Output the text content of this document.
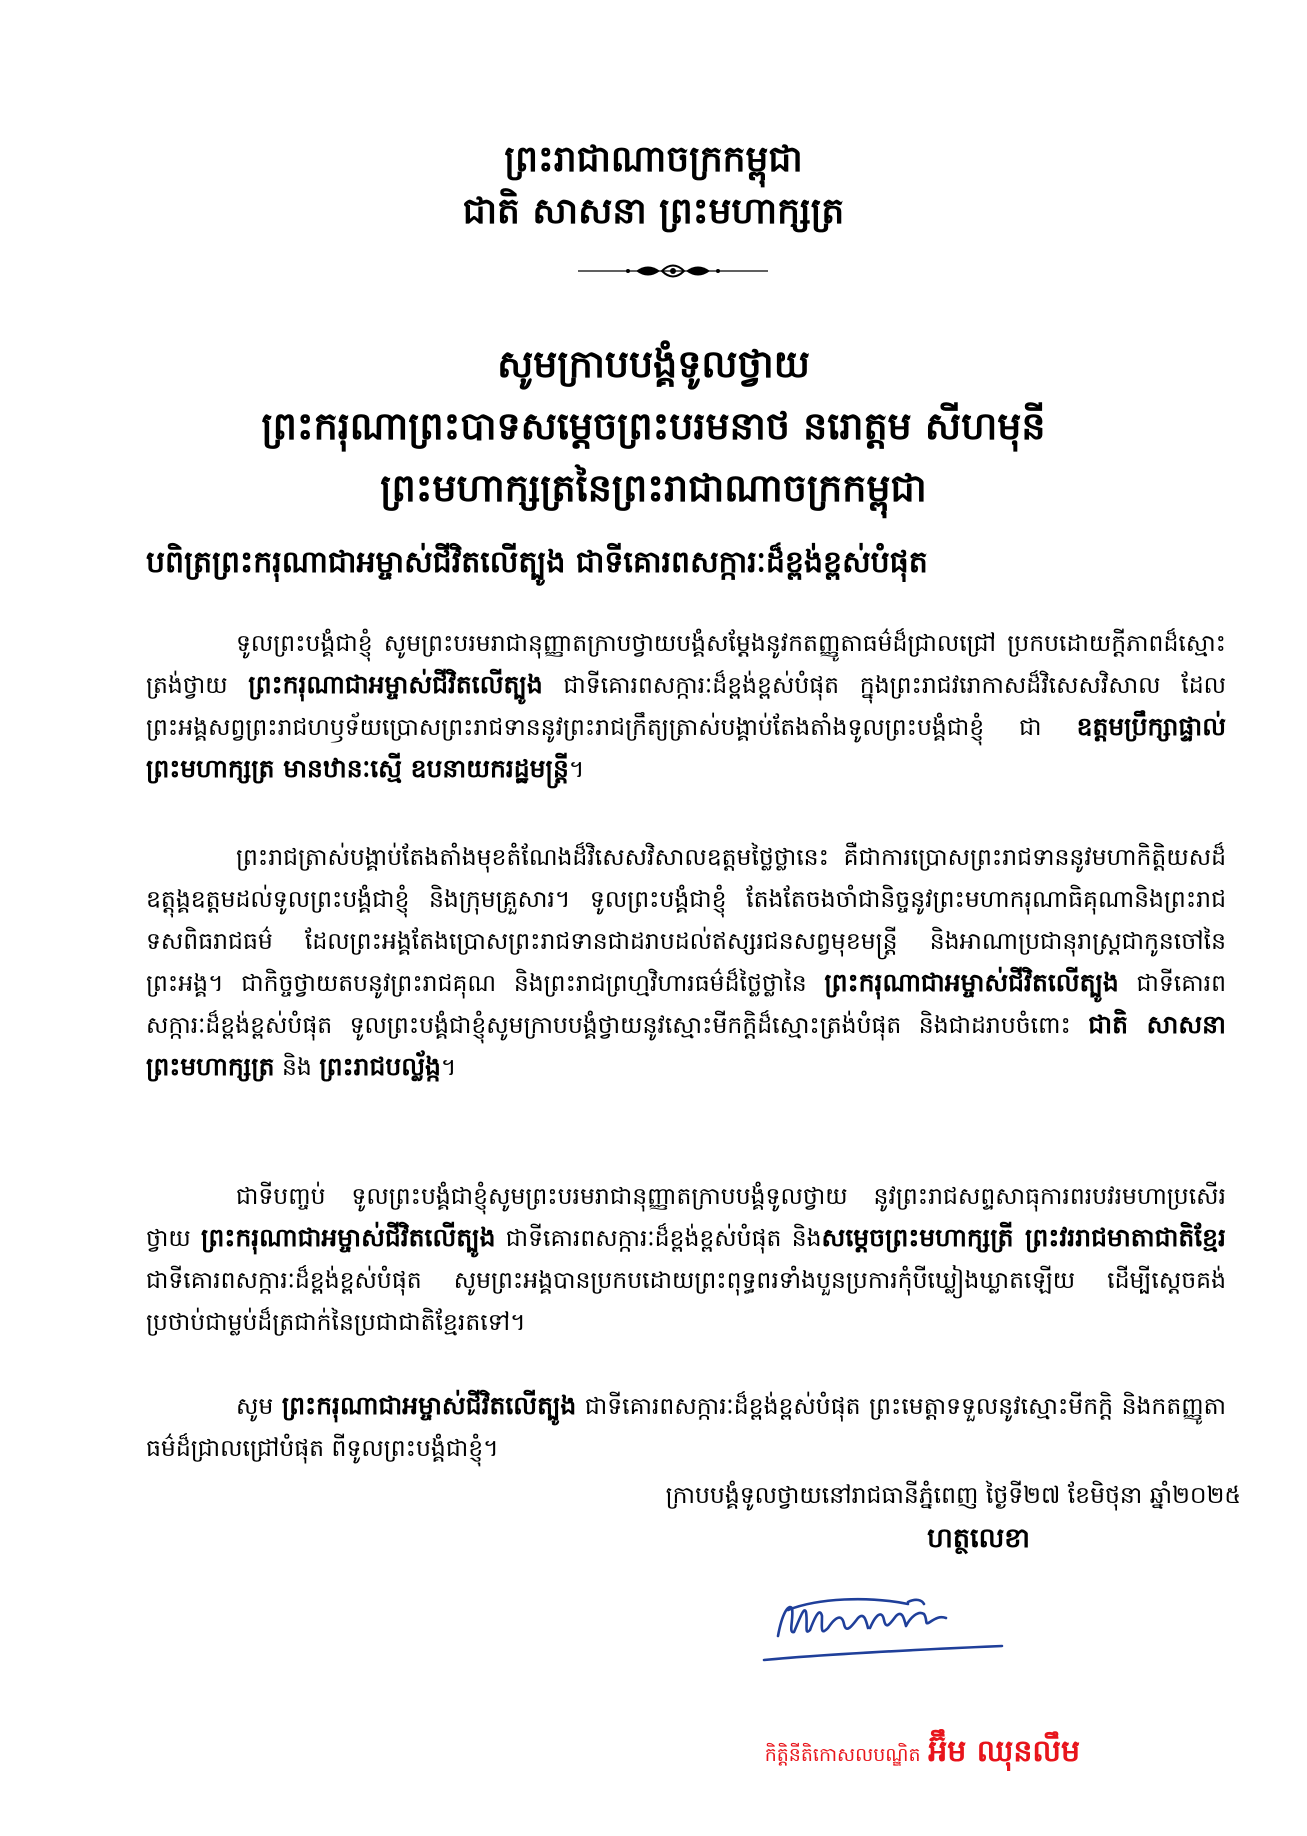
ព្រះរាជាណាចក្រកម្ពុជា
ជាតិ សាសនា ព្រះមហាក្សត្រ
សូមក្រាបបង្គំទូលថ្វាយ
ព្រះករុណាព្រះបាទសម្តេចព្រះបរមនាថ នរោត្តម សីហមុនី
ព្រះមហាក្សត្រនៃព្រះរាជាណាចក្រកម្ពុជា
បពិត្រព្រះករុណាជាអម្ចាស់ជីវិតលើត្បូង ជាទីគោរពសក្ការៈដ៏ខ្ពង់ខ្ពស់បំផុត

ទូលព្រះបង្គំជាខ្ញុំ សូមព្រះបរមរាជានុញ្ញាតក្រាបថ្វាយបង្គំសម្តែងនូវកតញ្ញូតាធម៌ដ៏ជ្រាលជ្រៅ ប្រកបដោយក្តីភាពដ៏ស្មោះត្រង់ថ្វាយ ព្រះករុណាជាអម្ចាស់ជីវិតលើត្បូង ជាទីគោរពសក្ការៈដ៏ខ្ពង់ខ្ពស់បំផុត ក្នុងព្រះរាជវរោកាសដ៏វិសេសវិសាល ដែលព្រះអង្គសព្វព្រះរាជហឫទ័យប្រោសព្រះរាជទាននូវព្រះរាជក្រឹត្យត្រាស់បង្គាប់តែងតាំងទូលព្រះបង្គំជាខ្ញុំ ជា ឧត្តមប្រឹក្សាផ្ទាល់ព្រះមហាក្សត្រ មានឋានៈស្មើ ឧបនាយករដ្ឋមន្ត្រី។

ព្រះរាជត្រាស់បង្គាប់តែងតាំងមុខតំណែងដ៏វិសេសវិសាលឧត្តមថ្លៃថ្លានេះ គឺជាការប្រោសព្រះរាជទាននូវមហាកិត្តិយសដ៏ឧត្តុង្គឧត្តមដល់ទូលព្រះបង្គំជាខ្ញុំ និងក្រុមគ្រួសារ។ ទូលព្រះបង្គំជាខ្ញុំ តែងតែចងចាំជានិច្ចនូវព្រះមហាករុណាធិគុណានិងព្រះរាជទសពិធរាជធម៌ ដែលព្រះអង្គតែងប្រោសព្រះរាជទានជាដរាបដល់ឥស្សរជនសព្វមុខមន្ត្រី និងអាណាប្រជានុរាស្ត្រជាកូនចៅនៃព្រះអង្គ។ ជាកិច្ចថ្វាយតបនូវព្រះរាជគុណ និងព្រះរាជព្រហ្មវិហារធម៌ដ៏ថ្លៃថ្លានៃ ព្រះករុណាជាអម្ចាស់ជីវិតលើត្បូង ជាទីគោរពសក្ការៈដ៏ខ្ពង់ខ្ពស់បំផុត ទូលព្រះបង្គំជាខ្ញុំសូមក្រាបបង្គំថ្វាយនូវស្មោះមីកក្តិដ៏ស្មោះត្រង់បំផុត និងជាដរាបចំពោះ ជាតិ សាសនា ព្រះមហាក្សត្រ និង ព្រះរាជបល្ល័ង្ក។

ជាទីបញ្ចប់ ទូលព្រះបង្គំជាខ្ញុំសូមព្រះបរមរាជានុញ្ញាតក្រាបបង្គំទូលថ្វាយ នូវព្រះរាជសព្ទសាធុការពរបវរមហាប្រសើរថ្វាយ ព្រះករុណាជាអម្ចាស់ជីវិតលើត្បូង ជាទីគោរពសក្ការៈដ៏ខ្ពង់ខ្ពស់បំផុត និងសម្តេចព្រះមហាក្សត្រី ព្រះវររាជមាតាជាតិខ្មែរ ជាទីគោរពសក្ការៈដ៏ខ្ពង់ខ្ពស់បំផុត សូមព្រះអង្គបានប្រកបដោយព្រះពុទ្ធពរទាំងបួនប្រការកុំបីឃ្លៀងឃ្លាតឡើយ ដើម្បីស្តេចគង់ប្រថាប់ជាម្លប់ដ៏ត្រជាក់នៃប្រជាជាតិខ្មែរតទៅ។

សូម ព្រះករុណាជាអម្ចាស់ជីវិតលើត្បូង ជាទីគោរពសក្ការៈដ៏ខ្ពង់ខ្ពស់បំផុត ព្រះមេត្តាទទួលនូវស្មោះមីកក្តិ និងកតញ្ញូតាធម៌ដ៏ជ្រាលជ្រៅបំផុត ពីទូលព្រះបង្គំជាខ្ញុំ។

ក្រាបបង្គំទូលថ្វាយនៅរាជធានីភ្នំពេញ ថ្ងៃទី២៧ ខែមិថុនា ឆ្នាំ២០២៥
ហត្ថលេខា
កិត្តិនីតិកោសលបណ្ឌិត អ៊ឹម ឈុនលឹម
